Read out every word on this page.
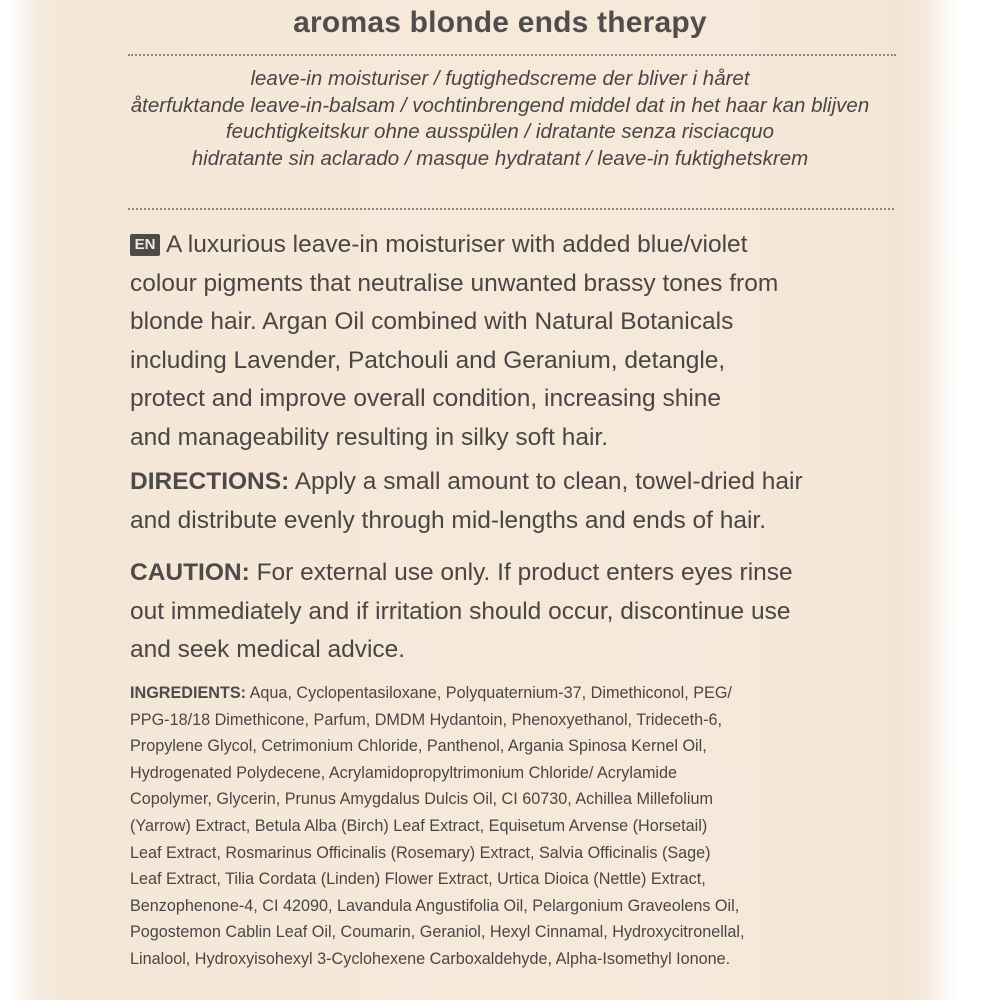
aromas blonde ends therapy
leave-in moisturiser / fugtighedscreme der bliver i håret
återfuktande leave-in-balsam / vochtinbrengend middel dat in het haar kan blijven
feuchtigkeitskur ohne ausspülen / idratante senza risciacquo
hidratante sin aclarado / masque hydratant / leave-in fuktighetskrem
EN A luxurious leave-in moisturiser with added blue/violet
colour pigments that neutralise unwanted brassy tones from
blonde hair. Argan Oil combined with Natural Botanicals
including Lavender, Patchouli and Geranium, detangle,
protect and improve overall condition, increasing shine
and manageability resulting in silky soft hair.
DIRECTIONS: Apply a small amount to clean, towel-dried hair
and distribute evenly through mid-lengths and ends of hair.
CAUTION: For external use only. If product enters eyes rinse
out immediately and if irritation should occur, discontinue use
and seek medical advice.
INGREDIENTS: Aqua, Cyclopentasiloxane, Polyquaternium-37, Dimethiconol, PEG/
PPG-18/18 Dimethicone, Parfum, DMDM Hydantoin, Phenoxyethanol, Trideceth-6,
Propylene Glycol, Cetrimonium Chloride, Panthenol, Argania Spinosa Kernel Oil,
Hydrogenated Polydecene, Acrylamidopropyltrimonium Chloride/ Acrylamide
Copolymer, Glycerin, Prunus Amygdalus Dulcis Oil, CI 60730, Achillea Millefolium
(Yarrow) Extract, Betula Alba (Birch) Leaf Extract, Equisetum Arvense (Horsetail)
Leaf Extract, Rosmarinus Officinalis (Rosemary) Extract, Salvia Officinalis (Sage)
Leaf Extract, Tilia Cordata (Linden) Flower Extract, Urtica Dioica (Nettle) Extract,
Benzophenone-4, CI 42090, Lavandula Angustifolia Oil, Pelargonium Graveolens Oil,
Pogostemon Cablin Leaf Oil, Coumarin, Geraniol, Hexyl Cinnamal, Hydroxycitronellal,
Linalool, Hydroxyisohexyl 3-Cyclohexene Carboxaldehyde, Alpha-Isomethyl Ionone.
